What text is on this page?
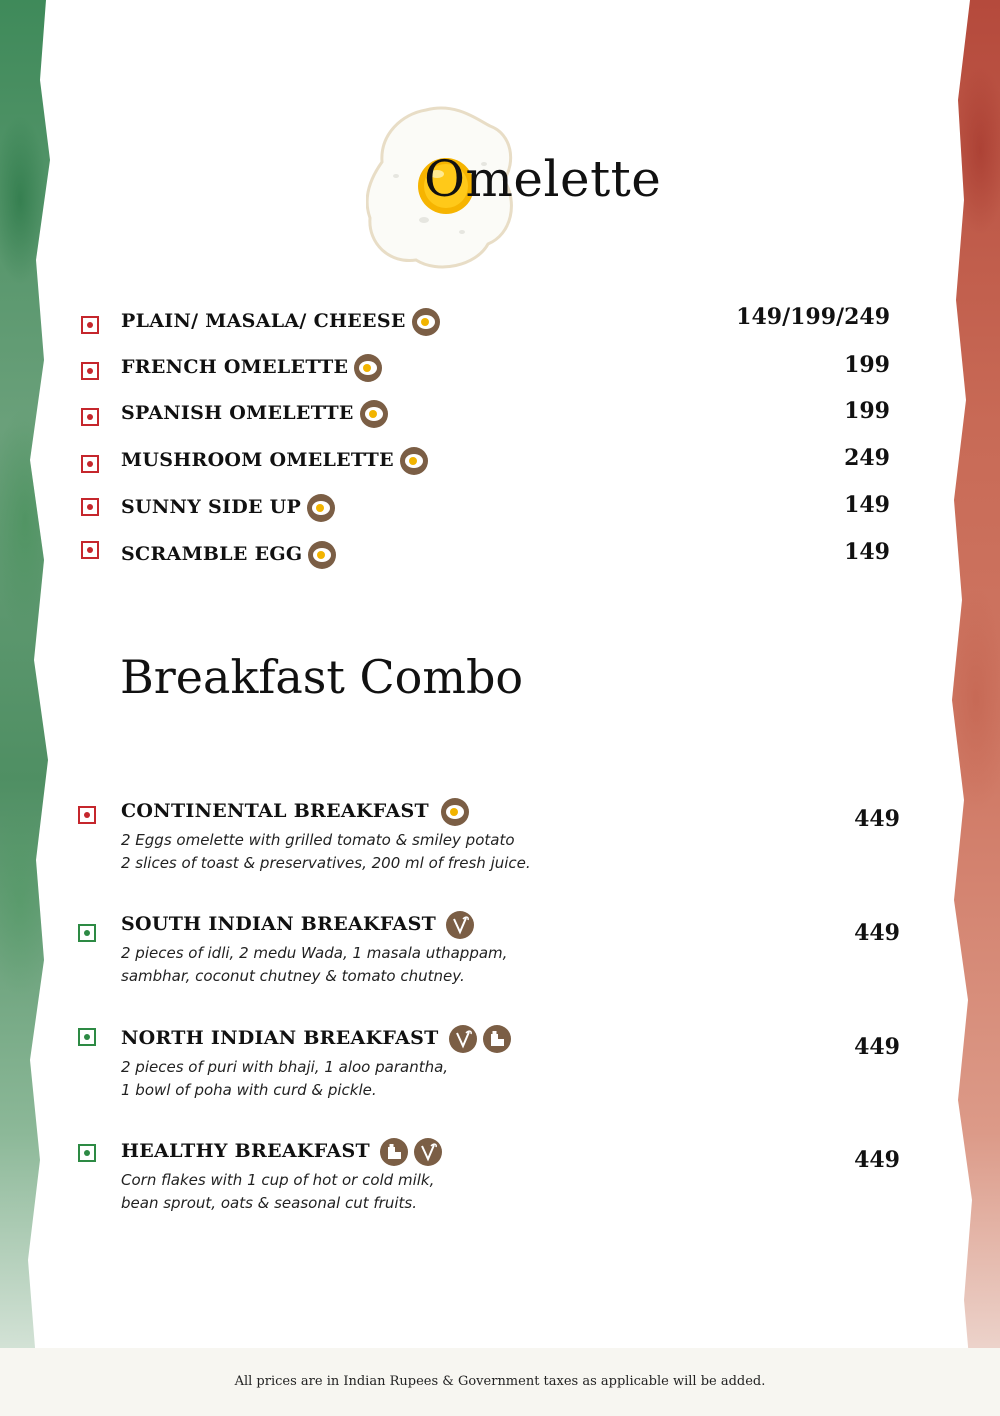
Omelette
PLAIN/ MASALA/ CHEESE	149/199/249
FRENCH OMELETTE	199
SPANISH OMELETTE	199
MUSHROOM OMELETTE	249
SUNNY SIDE UP	149
SCRAMBLE EGG	149
Breakfast Combo
CONTINENTAL BREAKFAST	449
2 Eggs omelette with grilled tomato & smiley potato
2 slices of toast & preservatives, 200 ml of fresh juice.
SOUTH INDIAN BREAKFAST	449
2 pieces of idli, 2 medu Wada, 1 masala uthappam,
sambhar, coconut chutney & tomato chutney.
NORTH INDIAN BREAKFAST	449
2 pieces of puri with bhaji, 1 aloo parantha,
1 bowl of poha with curd & pickle.
HEALTHY BREAKFAST	449
Corn flakes with 1 cup of hot or cold milk,
bean sprout, oats & seasonal cut fruits.
All prices are in Indian Rupees & Government taxes as applicable will be added.
